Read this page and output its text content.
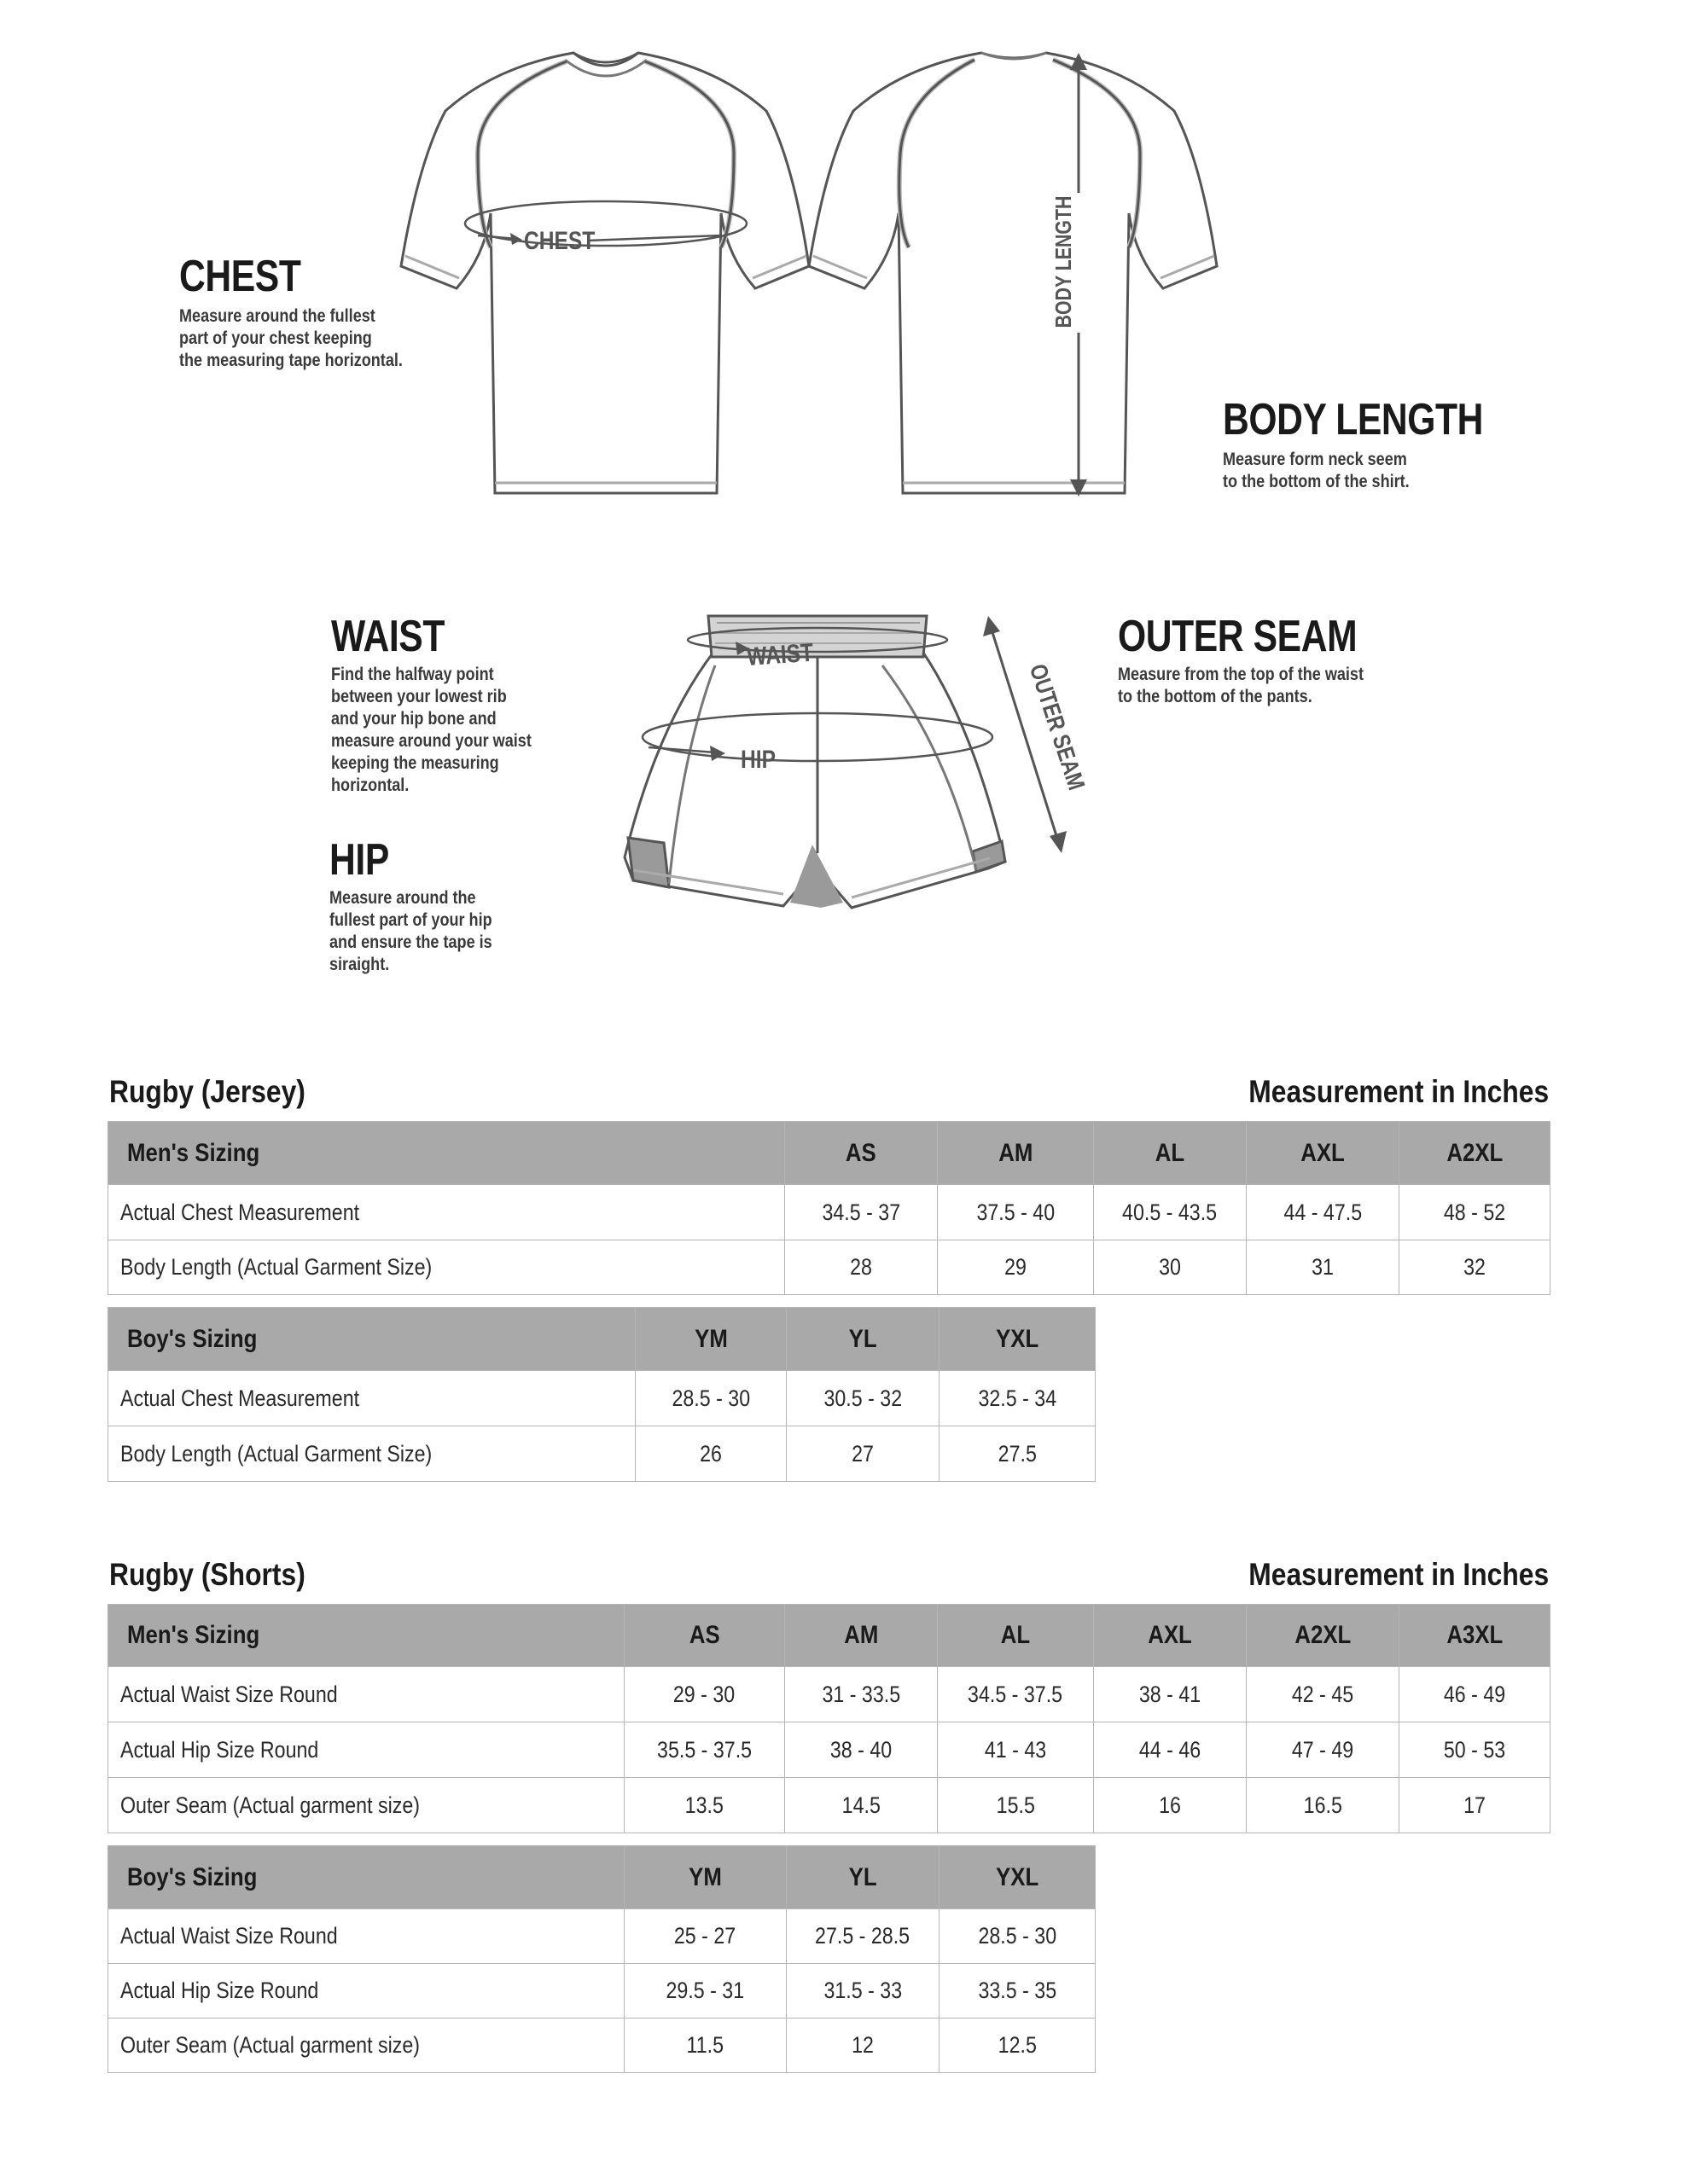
CHEST	BODY LENGTH
CHEST
Measure around the fullest
part of your chest keeping
the measuring tape horizontal.
BODY LENGTH
Measure form neck seem
to the bottom of the shirt.
WAIST
HIP	OUTER SEAM
WAIST
Find the halfway point
between your lowest rib
and your hip bone and
measure around your waist
keeping the measuring
horizontal.
HIP
Measure around the
fullest part of your hip
and ensure the tape is
siraight.
OUTER SEAM
Measure from the top of the waist
to the bottom of the pants.
Rugby (Jersey)	Measurement in Inches
Men's Sizing	AS	AM	AL	AXL	A2XL
Actual Chest Measurement	34.5 - 37	37.5 - 40	40.5 - 43.5	44 - 47.5	48 - 52
Body Length (Actual Garment Size)	28	29	30	31	32
Boy's Sizing	YM	YL	YXL
Actual Chest Measurement	28.5 - 30	30.5 - 32	32.5 - 34
Body Length (Actual Garment Size)	26	27	27.5
Rugby (Shorts)	Measurement in Inches
Men's Sizing	AS	AM	AL	AXL	A2XL	A3XL
Actual Waist Size Round	29 - 30	31 - 33.5	34.5 - 37.5	38 - 41	42 - 45	46 - 49
Actual Hip Size Round	35.5 - 37.5	38 - 40	41 - 43	44 - 46	47 - 49	50 - 53
Outer Seam (Actual garment size)	13.5	14.5	15.5	16	16.5	17
Boy's Sizing	YM	YL	YXL
Actual Waist Size Round	25 - 27	27.5 - 28.5	28.5 - 30
Actual Hip Size Round	29.5 - 31	31.5 - 33	33.5 - 35
Outer Seam (Actual garment size)	11.5	12	12.5
